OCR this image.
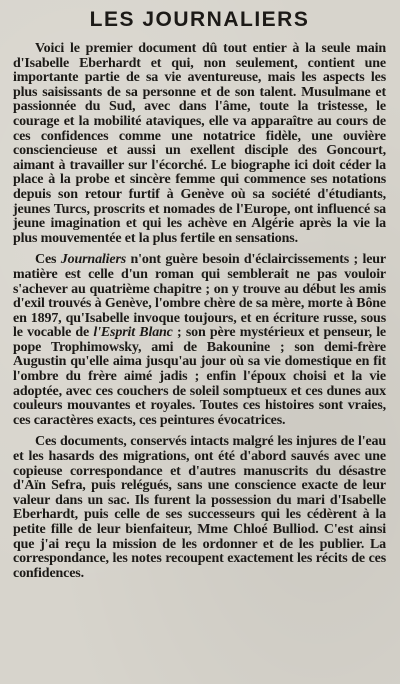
LES JOURNALIERS

Voici le premier document dû tout entier à la seule main d'Isabelle Eberhardt et qui, non seulement, contient une importante partie de sa vie aventureuse, mais les aspects les plus saisissants de sa personne et de son talent. Musulmane et passionnée du Sud, avec dans l'âme, toute la tristesse, le courage et la mobilité ataviques, elle va apparaître au cours de ces confidences comme une notatrice fidèle, une ouvière consciencieuse et aussi un exellent disciple des Goncourt, aimant à travailler sur l'écorché. Le biographe ici doit céder la place à la probe et sincère femme qui commence ses notations depuis son retour furtif à Genève où sa société d'étudiants, jeunes Turcs, proscrits et nomades de l'Europe, ont influencé sa jeune imagination et qui les achève en Algérie après la vie la plus mouvementée et la plus fertile en sensations.

Ces Journaliers n'ont guère besoin d'éclaircissements ; leur matière est celle d'un roman qui semblerait ne pas vouloir s'achever au quatrième chapitre ; on y trouve au début les amis d'exil trouvés à Genève, l'ombre chère de sa mère, morte à Bône en 1897, qu'Isabelle invoque toujours, et en écriture russe, sous le vocable de l'Esprit Blanc ; son père mystérieux et penseur, le pope Trophimowsky, ami de Bakounine ; son demi-frère Augustin qu'elle aima jusqu'au jour où sa vie domestique en fit l'ombre du frère aimé jadis ; enfin l'époux choisi et la vie adoptée, avec ces couchers de soleil somptueux et ces dunes aux couleurs mouvantes et royales. Toutes ces histoires sont vraies, ces caractères exacts, ces peintures évocatrices.

Ces documents, conservés intacts malgré les injures de l'eau et les hasards des migrations, ont été d'abord sauvés avec une copieuse correspondance et d'autres manuscrits du désastre d'Aïn Sefra, puis relégués, sans une conscience exacte de leur valeur dans un sac. Ils furent la possession du mari d'Isabelle Eberhardt, puis celle de ses successeurs qui les cédèrent à la petite fille de leur bienfaiteur, Mme Chloé Bulliod. C'est ainsi que j'ai reçu la mission de les ordonner et de les publier. La correspondance, les notes recoupent exactement les récits de ces confidences.
